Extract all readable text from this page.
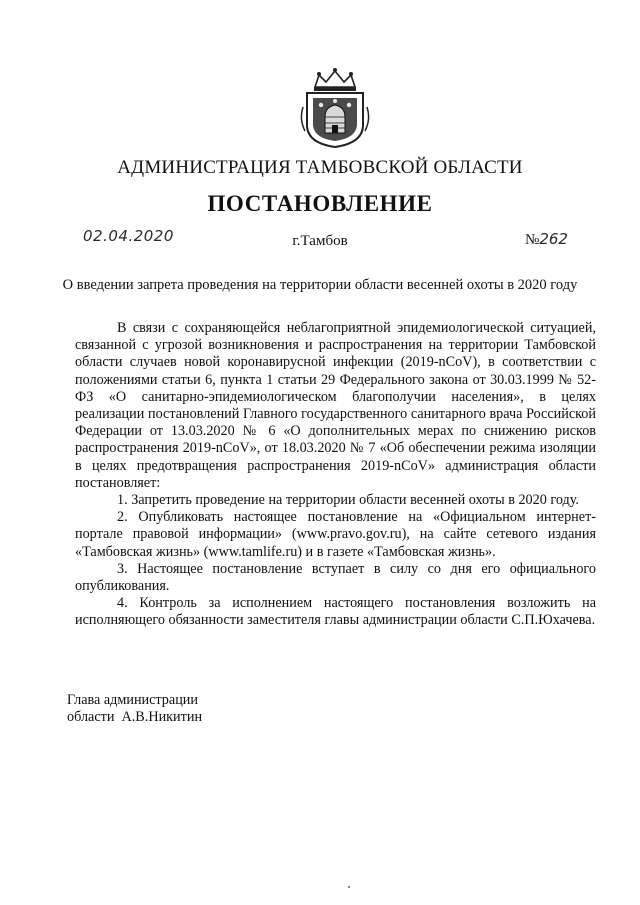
АДМИНИСТРАЦИЯ ТАМБОВСКОЙ ОБЛАСТИ
ПОСТАНОВЛЕНИЕ
02.04.2020	г.Тамбов	№262
О введении запрета проведения на территории области весенней охоты в 2020 году

В связи с сохраняющейся неблагоприятной эпидемиологической ситуацией, связанной с угрозой возникновения и распространения на территории Тамбовской области случаев новой коронавирусной инфекции (2019-nCoV), в соответствии с положениями статьи 6, пункта 1 статьи 29 Федерального закона от 30.03.1999 № 52-ФЗ «О санитарно-эпидемиологическом благополучии населения», в целях реализации постановлений Главного государственного санитарного врача Российской Федерации от 13.03.2020 № 6 «О дополнительных мерах по снижению рисков распространения 2019-nCoV», от 18.03.2020 № 7 «Об обеспечении режима изоляции в целях предотвращения распространения 2019-nCoV» администрация области постановляет:

1. Запретить проведение на территории области весенней охоты в 2020 году.

2. Опубликовать настоящее постановление на «Официальном интернет-портале правовой информации» (www.pravo.gov.ru), на сайте сетевого издания «Тамбовская жизнь» (www.tamlife.ru) и в газете «Тамбовская жизнь».

3. Настоящее постановление вступает в силу со дня его официального опубликования.

4. Контроль за исполнением настоящего постановления возложить на исполняющего обязанности заместителя главы администрации области С.П.Юхачева.

Глава администрации
области  А.В.Никитин
